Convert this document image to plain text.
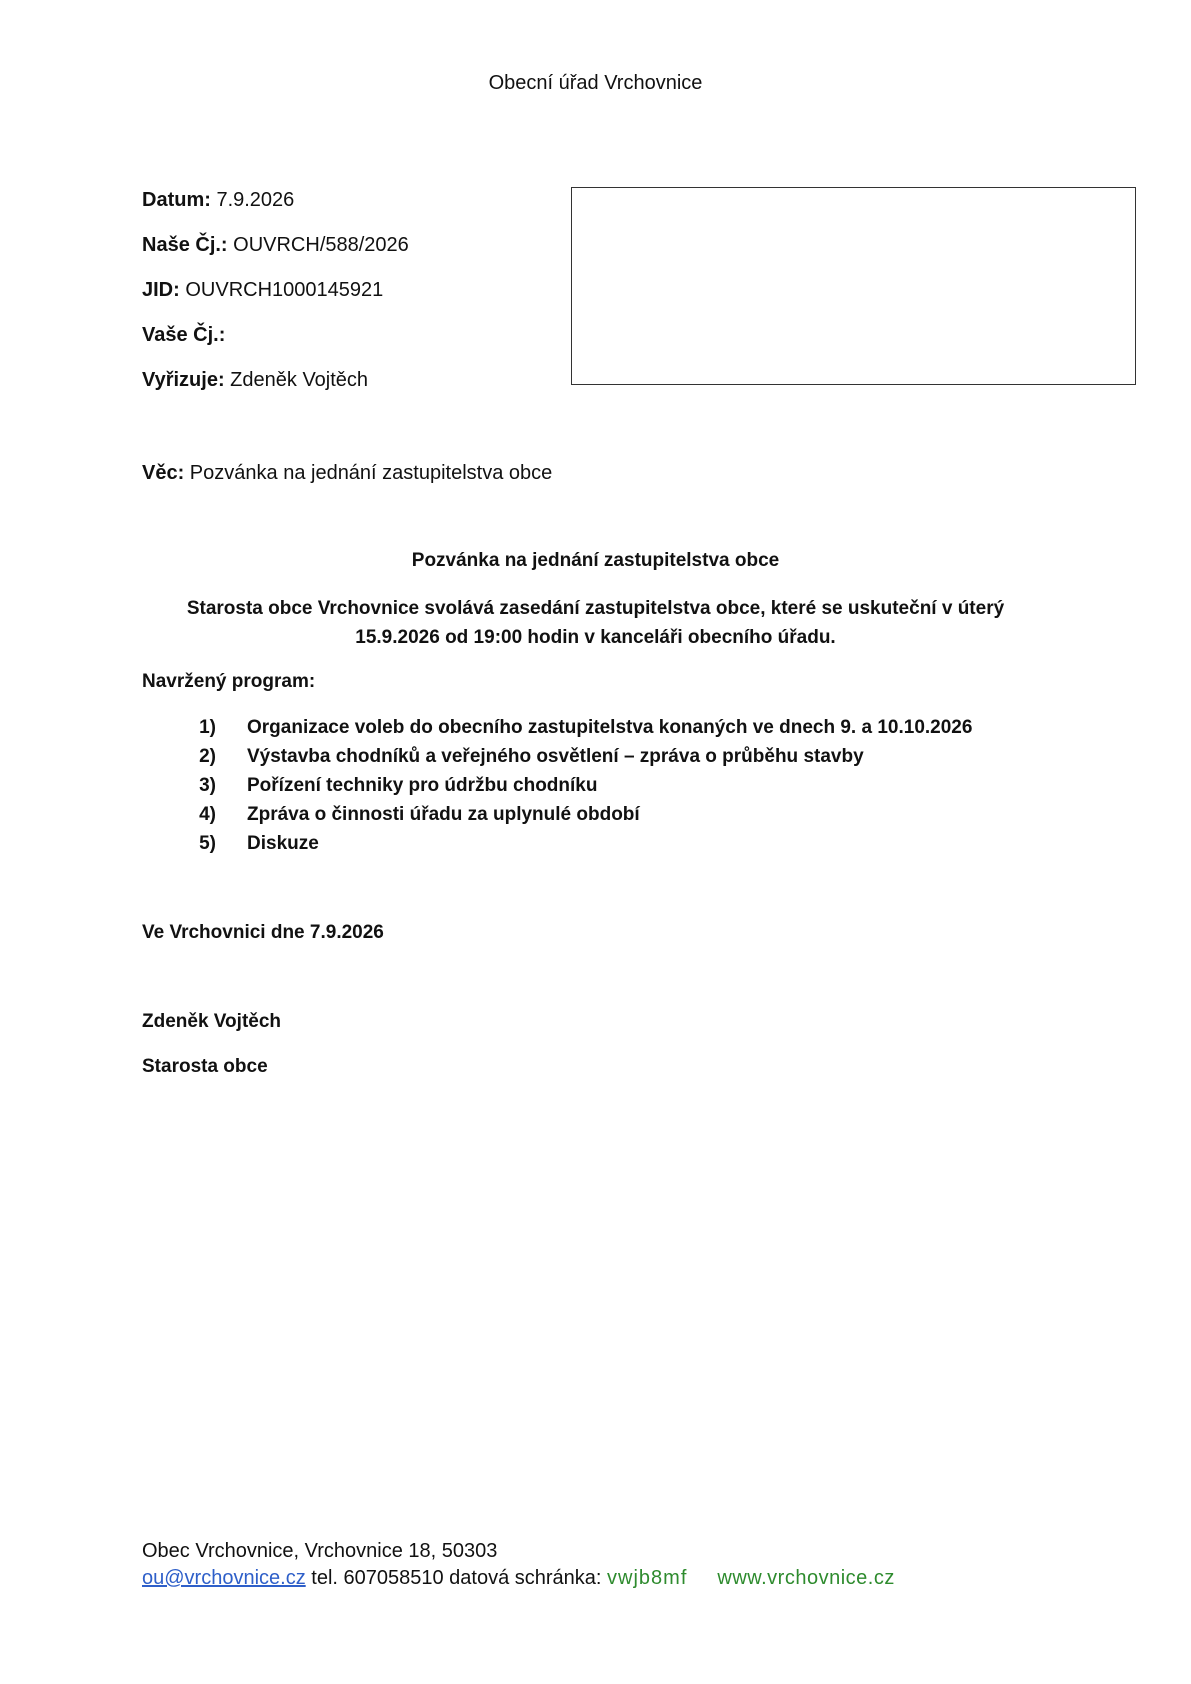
Obecní úřad Vrchovnice
Datum: 7.9.2026
Naše Čj.: OUVRCH/588/2026
JID: OUVRCH1000145921
Vaše Čj.:
Vyřizuje: Zdeněk Vojtěch
Věc: Pozvánka na jednání zastupitelstva obce
Pozvánka na jednání zastupitelstva obce
Starosta obce Vrchovnice svolává zasedání zastupitelstva obce, které se uskuteční v úterý
15.9.2026 od 19:00 hodin v kanceláři obecního úřadu.
Navržený program:
1) Organizace voleb do obecního zastupitelstva konaných ve dnech 9. a 10.10.2026
2) Výstavba chodníků a veřejného osvětlení – zpráva o průběhu stavby
3) Pořízení techniky pro údržbu chodníku
4) Zpráva o činnosti úřadu za uplynulé období
5) Diskuze
Ve Vrchovnici dne 7.9.2026
Zdeněk Vojtěch
Starosta obce
Obec Vrchovnice, Vrchovnice 18, 50303
ou@vrchovnice.cz tel. 607058510 datová schránka: vwjb8mf www.vrchovnice.cz
